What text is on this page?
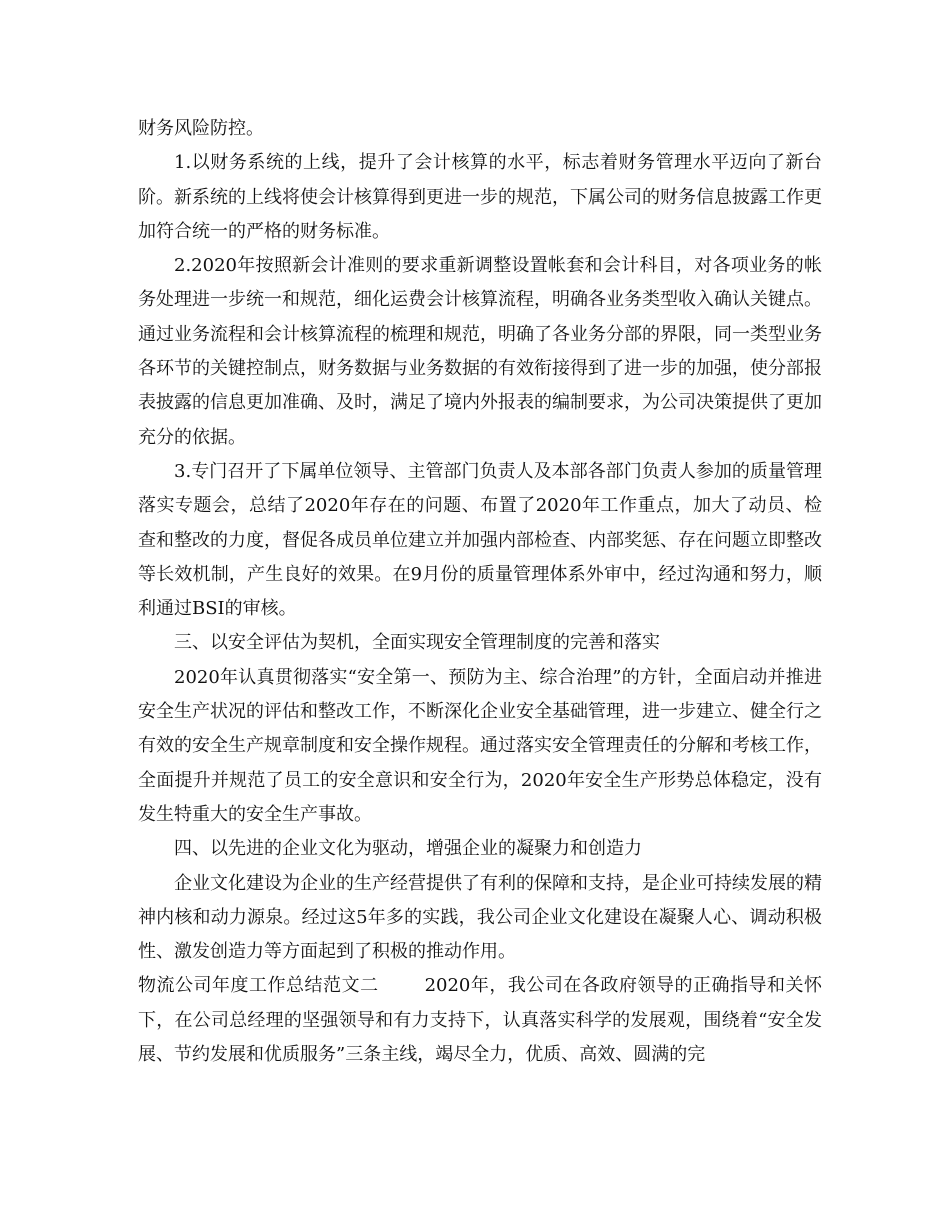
财务风险防控。

1.以财务系统的上线，提升了会计核算的水平，标志着财务管理水平迈向了新台阶。新系统的上线将使会计核算得到更进一步的规范，下属公司的财务信息披露工作更加符合统一的严格的财务标准。

2.2020年按照新会计准则的要求重新调整设置帐套和会计科目，对各项业务的帐务处理进一步统一和规范，细化运费会计核算流程，明确各业务类型收入确认关键点。通过业务流程和会计核算流程的梳理和规范，明确了各业务分部的界限，同一类型业务各环节的关键控制点，财务数据与业务数据的有效衔接得到了进一步的加强，使分部报表披露的信息更加准确、及时，满足了境内外报表的编制要求，为公司决策提供了更加充分的依据。

3.专门召开了下属单位领导、主管部门负责人及本部各部门负责人参加的质量管理落实专题会，总结了2020年存在的问题、布置了2020年工作重点，加大了动员、检查和整改的力度，督促各成员单位建立并加强内部检查、内部奖惩、存在问题立即整改等长效机制，产生良好的效果。在9月份的质量管理体系外审中，经过沟通和努力，顺利通过BSI的审核。

三、以安全评估为契机，全面实现安全管理制度的完善和落实

2020年认真贯彻落实“安全第一、预防为主、综合治理”的方针，全面启动并推进安全生产状况的评估和整改工作，不断深化企业安全基础管理，进一步建立、健全行之有效的安全生产规章制度和安全操作规程。通过落实安全管理责任的分解和考核工作，全面提升并规范了员工的安全意识和安全行为，2020年安全生产形势总体稳定，没有发生特重大的安全生产事故。

四、以先进的企业文化为驱动，增强企业的凝聚力和创造力

企业文化建设为企业的生产经营提供了有利的保障和支持，是企业可持续发展的精神内核和动力源泉。经过这5年多的实践，我公司企业文化建设在凝聚人心、调动积极性、激发创造力等方面起到了积极的推动作用。

物流公司年度工作总结范文二	2020年，我公司在各政府领导的正确指导和关怀下，在公司总经理的坚强领导和有力支持下，认真落实科学的发展观，围绕着“安全发展、节约发展和优质服务”三条主线，竭尽全力，优质、高效、圆满的完
